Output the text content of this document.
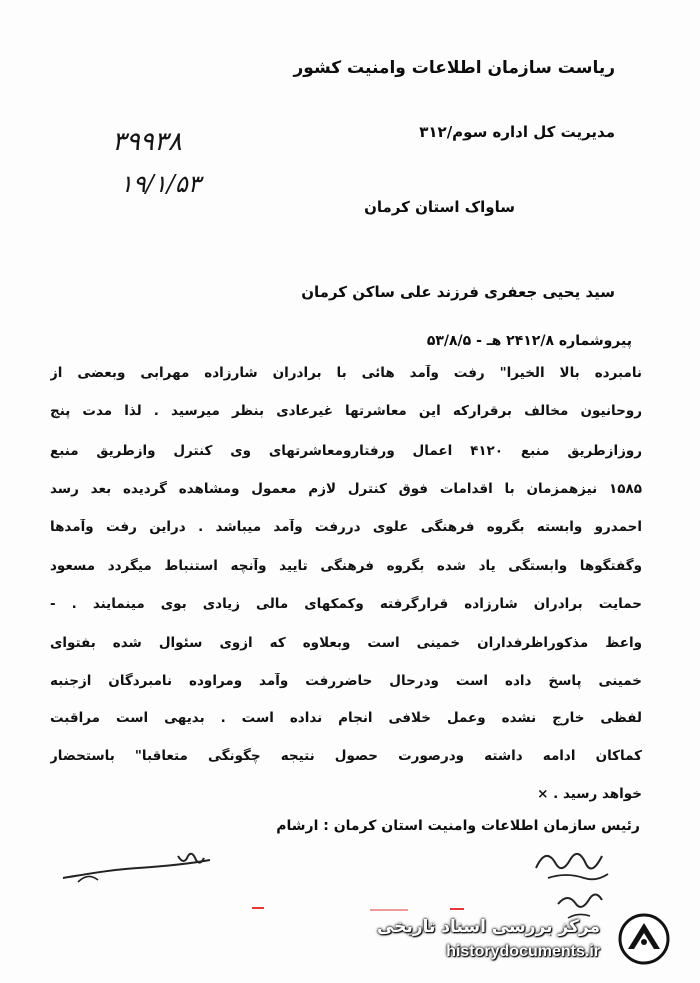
ریاست سازمان اطلاعات وامنیت کشور
مدیریت کل اداره سوم/۳۱۲
ساواک استان کرمان
۳۹۹۳۸
۱۹/۱/۵۳
سید یحیی جعفری فرزند علی ساکن کرمان
پیروشماره ۲۴۱۲/۸ هـ - ۵۳/۸/۵
نامبرده بالا الخیرا" رفت وآمد هائی با برادران شارزاده مهرابی وبعضی از
روحانیون مخالف برقرارکه این معاشرتها غیرعادی بنظر میرسید . لذا مدت پنج
روزازطریق منبع ۴۱۲۰ اعمال ورفتارومعاشرتهای وی کنترل وازطریق منبع
۱۵۸۵ نیزهمزمان با اقدامات فوق کنترل لازم معمول ومشاهده گردیده بعد رسد
احمدرو وابسته بگروه فرهنگی علوی دررفت وآمد میباشد . دراین رفت وآمدها
وگفتگوها وابستگی یاد شده بگروه فرهنگی تایید وآنچه استنباط میگردد مسعود
حمایت برادران شارزاده قرارگرفته وکمکهای مالی زیادی بوی مینمایند . -
واعظ مذکوراظرفداران خمینی است وبعلاوه که ازوی سئوال شده بفتوای
خمینی پاسخ داده است ودرحال حاضررفت وآمد ومراوده نامبردگان ازجنبه
لفظی خارج نشده وعمل خلافی انجام نداده است . بدیهی است مراقبت
کماکان ادامه داشته ودرصورت حصول نتیجه چگونگی متعاقبا" باستحضار
خواهد رسید . ×
رئیس سازمان اطلاعات وامنیت استان کرمان : ارشام
مرکز بررسی اسناد تاریخی
historydocuments.ir
